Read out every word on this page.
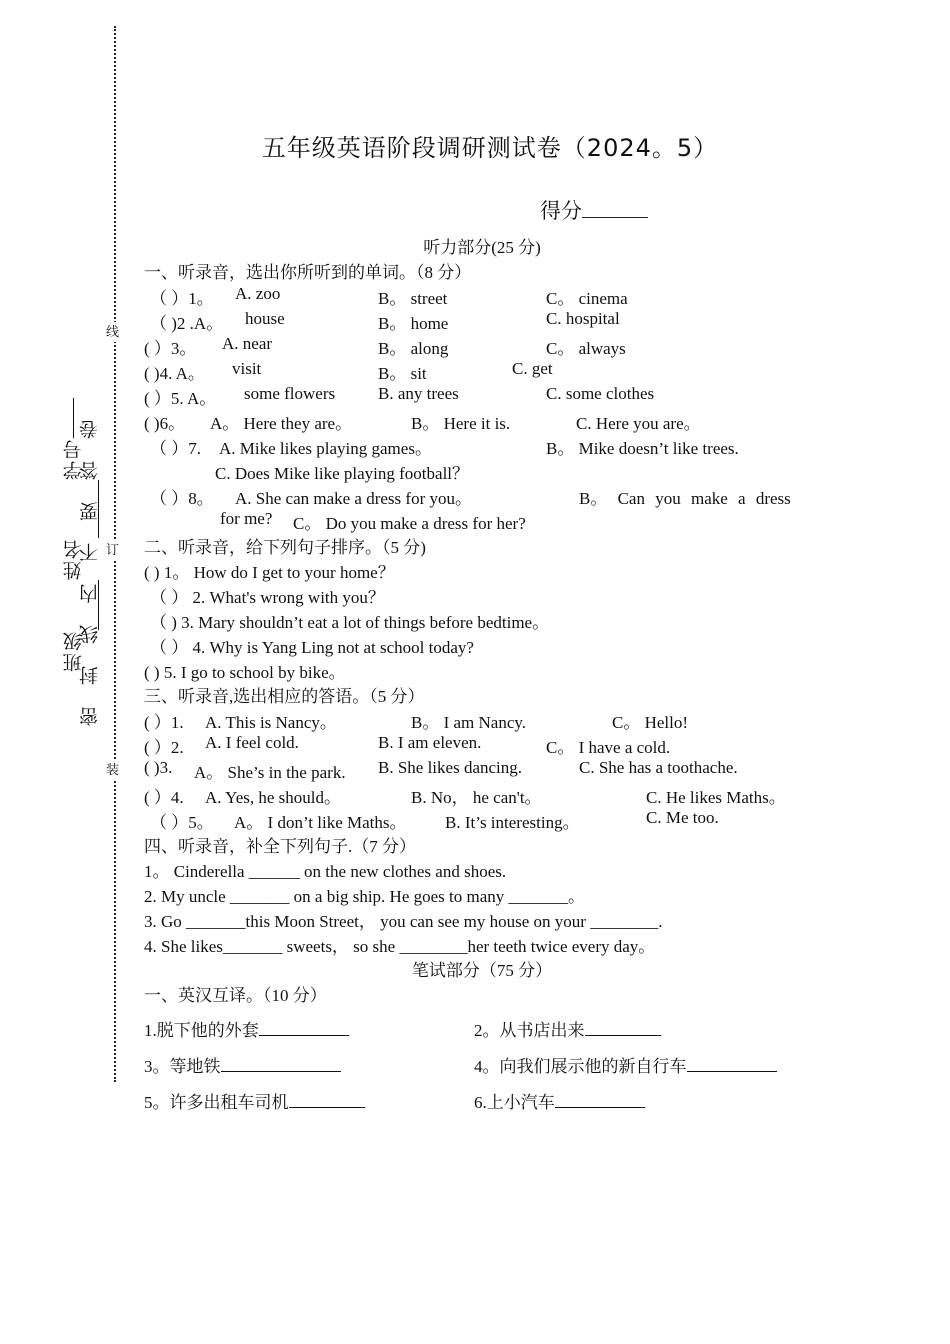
线
订
装
班级姓名学号
密 封 线 内 不 要 答 卷
五年级英语阶段调研测试卷（2024。5）
得分
听力部分(25 分)
一、听录音，选出你所听到的单词。（8 分）
（ ）1。 A. zoo	B。 street	C。 cinema
（ )2 .A。 house	B。 home	C. hospital
( ）3。 A. near	B。 along	C。 always
( )4. A。 visit	B。 sit	C. get
( ）5. A。 some flowers	B. any trees	C. some clothes
( )6。 A。 Here they are。	B。 Here it is.	C. Here you are。
（ ）7. A. Mike likes playing games。	B。 Mike doesn’t like trees.
C. Does Mike like playing football？
（ ）8。 A. She can make a dress for you。	B。 Can you make a dress
for me? C。 Do you make a dress for her?
二、听录音，给下列句子排序。（5 分)
( ) 1。 How do I get to your home？
（ ） 2. What's wrong with you？
（ ) 3. Mary shouldn’t eat a lot of things before bedtime。
（ ） 4. Why is Yang Ling not at school today?
( ) 5. I go to school by bike。
三、听录音,选出相应的答语。（5 分）
( ）1. A. This is Nancy。	B。 I am Nancy.	C。 Hello!
( ）2. A. I feel cold.	B. I am eleven.	C。 I have a cold.
( )3. A。 She’s in the park. B. She likes dancing.	C. She has a toothache.
( ）4. A. Yes, he should。	B. No， he can't。	C. He likes Maths。
（ ）5。 A。 I don’t like Maths。 B. It’s interesting。	C. Me too.
四、听录音，补全下列句子.（7 分）
1。 Cinderella ______ on the new clothes and shoes.
2. My uncle _______ on a big ship. He goes to many _______。
3. Go _______this Moon Street， you can see my house on your ________.
4. She likes_______ sweets， so she ________her teeth twice every day。
笔试部分（75 分）
一、英汉互译。（10 分）
1.脱下他的外套	2。从书店出来
3。等地铁	4。向我们展示他的新自行车
5。许多出租车司机	6.上小汽车
